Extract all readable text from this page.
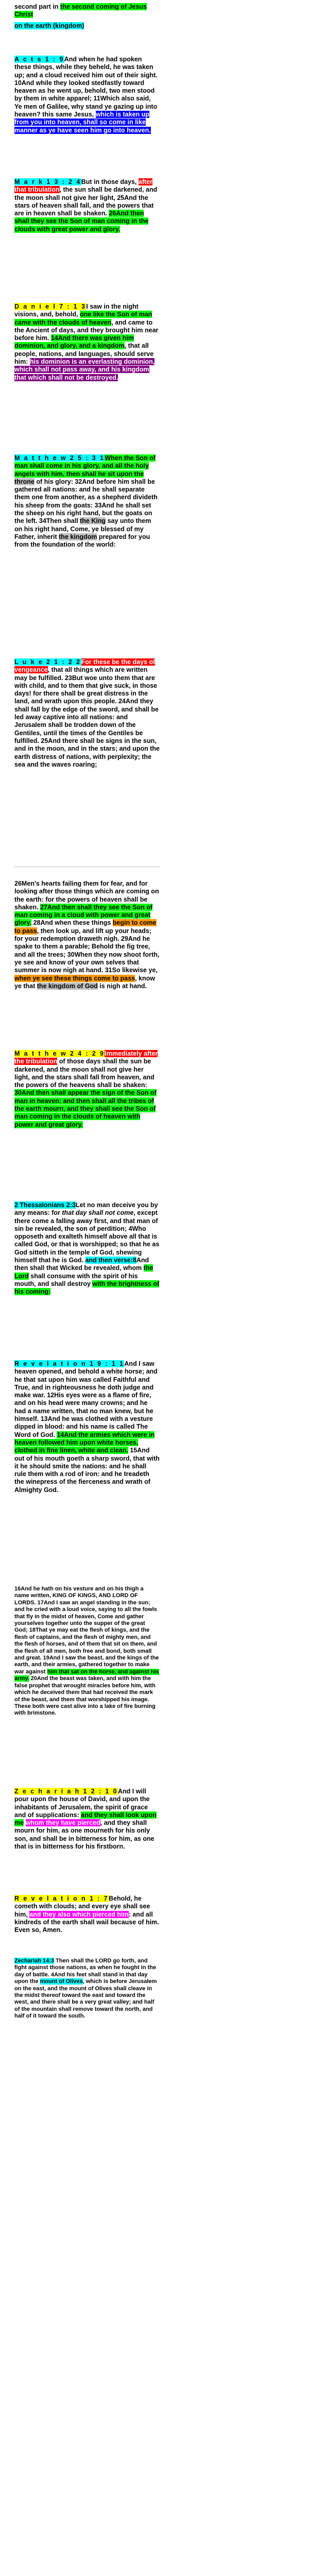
second part in the second coming of Jesus Christ

on the earth (kingdom)

A c t s 1 : 9And when he had spoken these things, while they beheld, he was taken up; and a cloud received him out of their sight. 10And while they looked stedfastly toward heaven as he went up, behold, two men stood by them in white apparel; 11Which also said, Ye men of Galilee, why stand ye gazing up into heaven? this same Jesus, which is taken up from you into heaven, shall so come in like manner as ye have seen him go into heaven.

M a r k 1 3 : 2 4But in those days, after that tribulation, the sun shall be darkened, and the moon shall not give her light, 25And the stars of heaven shall fall, and the powers that are in heaven shall be shaken. 26And then shall they see the Son of man coming in the clouds with great power and glory.

D a n i e l 7 : 1 3I saw in the night visions, and, behold, one like the Son of man came with the clouds of heaven, and came to the Ancient of days, and they brought him near before him. 14And there was given him dominion, and glory, and a kingdom, that all people, nations, and languages, should serve him: his dominion is an everlasting dominion, which shall not pass away, and his kingdom that which shall not be destroyed.

M a t t h e w 2 5 : 3 1When the Son of man shall come in his glory, and all the holy angels with him, then shall he sit upon the throne of his glory: 32And before him shall be gathered all nations: and he shall separate them one from another, as a shepherd divideth his sheep from the goats: 33And he shall set the sheep on his right hand, but the goats on the left. 34Then shall the King say unto them on his right hand, Come, ye blessed of my Father, inherit the kingdom prepared for you from the foundation of the world:

L u k e 2 1 : 2 2For these be the days of vengeance, that all things which are written may be fulfilled. 23But woe unto them that are with child, and to them that give suck, in those days! for there shall be great distress in the land, and wrath upon this people. 24And they shall fall by the edge of the sword, and shall be led away captive into all nations: and Jerusalem shall be trodden down of the Gentiles, until the times of the Gentiles be fulfilled. 25And there shall be signs in the sun, and in the moon, and in the stars; and upon the earth distress of nations, with perplexity; the sea and the waves roaring;

26Men's hearts failing them for fear, and for looking after those things which are coming on the earth: for the powers of heaven shall be shaken. 27And then shall they see the Son of man coming in a cloud with power and great glory. 28And when these things begin to come to pass, then look up, and lift up your heads; for your redemption draweth nigh. 29And he spake to them a parable; Behold the fig tree, and all the trees; 30When they now shoot forth, ye see and know of your own selves that summer is now nigh at hand. 31So likewise ye, when ye see these things come to pass, know ye that the kingdom of God is nigh at hand.

M a t t h e w 2 4 : 2 9Immediately after the tribulation of those days shall the sun be darkened, and the moon shall not give her light, and the stars shall fall from heaven, and the powers of the heavens shall be shaken: 30And then shall appear the sign of the Son of man in heaven: and then shall all the tribes of the earth mourn, and they shall see the Son of man coming in the clouds of heaven with power and great glory.

2 Thessalonians 2:3Let no man deceive you by any means: for that day shall not come, except there come a falling away first, and that man of sin be revealed, the son of perdition; 4Who opposeth and exalteth himself above all that is called God, or that is worshipped; so that he as God sitteth in the temple of God, shewing himself that he is God. and then verse:8And then shall that Wicked be revealed, whom the Lord shall consume with the spirit of his mouth, and shall destroy with the brightness of his coming:

R e v e l a t i o n 1 9 : 1 1And I saw heaven opened, and behold a white horse; and he that sat upon him was called Faithful and True, and in righteousness he doth judge and make war. 12His eyes were as a flame of fire, and on his head were many crowns; and he had a name written, that no man knew, but he himself. 13And he was clothed with a vesture dipped in blood: and his name is called The Word of God. 14And the armies which were in heaven followed him upon white horses, clothed in fine linen, white and clean. 15And out of his mouth goeth a sharp sword, that with it he should smite the nations: and he shall rule them with a rod of iron: and he treadeth the winepress of the fierceness and wrath of Almighty God.

16And he hath on his vesture and on his thigh a name written, KING OF KINGS, AND LORD OF LORDS. 17And I saw an angel standing in the sun; and he cried with a loud voice, saying to all the fowls that fly in the midst of heaven, Come and gather yourselves together unto the supper of the great God; 18That ye may eat the flesh of kings, and the flesh of captains, and the flesh of mighty men, and the flesh of horses, and of them that sit on them, and the flesh of all men, both free and bond, both small and great. 19And I saw the beast, and the kings of the earth, and their armies, gathered together to make war against him that sat on the horse, and against his army. 20And the beast was taken, and with him the false prophet that wrought miracles before him, with which he deceived them that had received the mark of the beast, and them that worshipped his image. These both were cast alive into a lake of fire burning with brimstone.

Z e c h a r i a h 1 2 : 1 0And I will pour upon the house of David, and upon the inhabitants of Jerusalem, the spirit of grace and of supplications: and they shall look upon me whom they have pierced, and they shall mourn for him, as one mourneth for his only son, and shall be in bitterness for him, as one that is in bitterness for his firstborn.

R e v e l a t i o n 1 : 7Behold, he cometh with clouds; and every eye shall see him, and they also which pierced him: and all kindreds of the earth shall wail because of him. Even so, Amen.

Zechariah 14:3 Then shall the LORD go forth, and fight against those nations, as when he fought in the day of battle. 4And his feet shall stand in that day upon the mount of Olives, which is before Jerusalem on the east, and the mount of Olives shall cleave in the midst thereof toward the east and toward the west, and there shall be a very great valley; and half of the mountain shall remove toward the north, and half of it toward the south.
